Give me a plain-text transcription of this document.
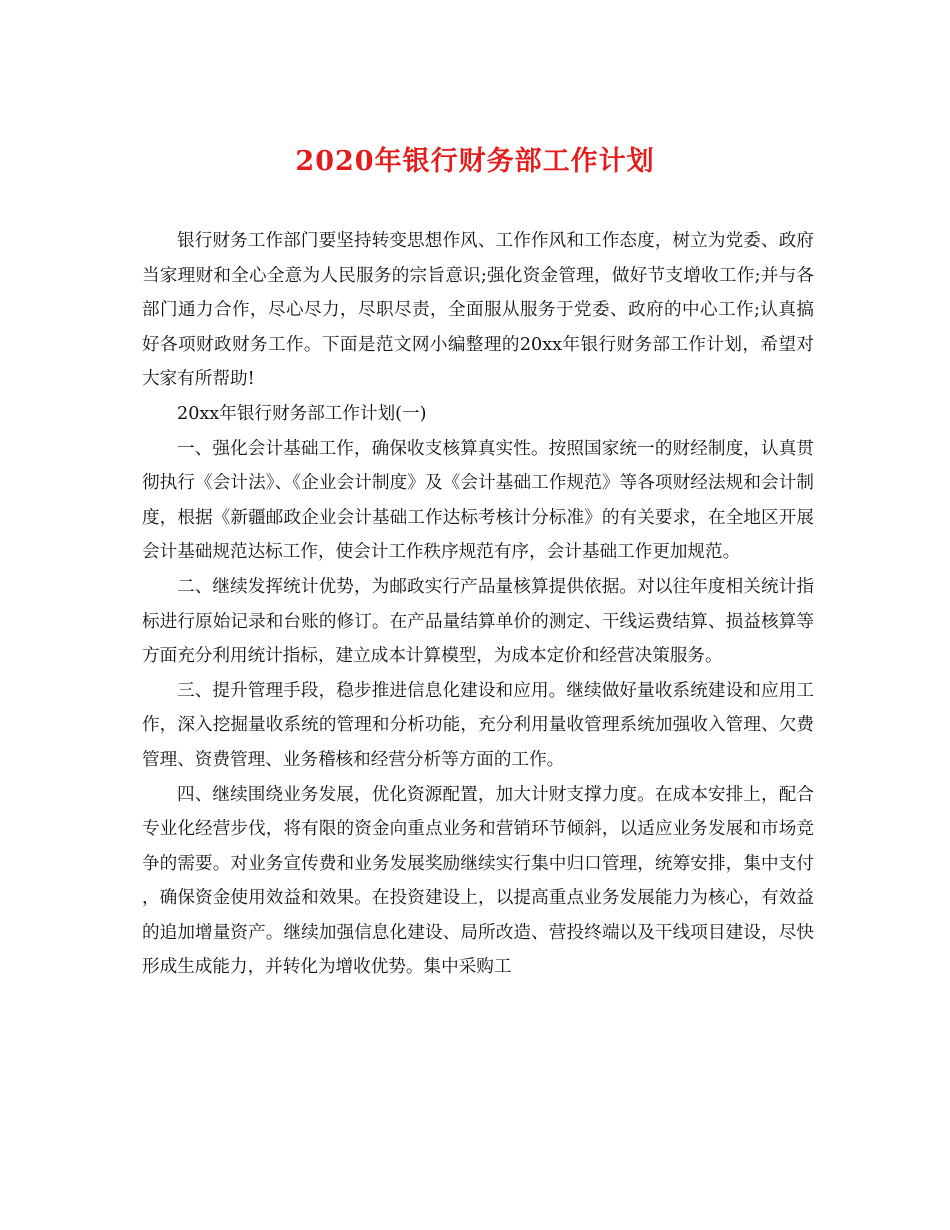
2020年银行财务部工作计划

银行财务工作部门要坚持转变思想作风、工作作风和工作态度，树立为党委、政府当家理财和全心全意为人民服务的宗旨意识;强化资金管理，做好节支增收工作;并与各部门通力合作，尽心尽力，尽职尽责，全面服从服务于党委、政府的中心工作;认真搞好各项财政财务工作。下面是范文网小编整理的20xx年银行财务部工作计划，希望对大家有所帮助!

20xx年银行财务部工作计划(一)

一、强化会计基础工作，确保收支核算真实性。按照国家统一的财经制度，认真贯彻执行《会计法》、《企业会计制度》及《会计基础工作规范》等各项财经法规和会计制度，根据《新疆邮政企业会计基础工作达标考核计分标准》的有关要求，在全地区开展会计基础规范达标工作，使会计工作秩序规范有序，会计基础工作更加规范。

二、继续发挥统计优势，为邮政实行产品量核算提供依据。对以往年度相关统计指标进行原始记录和台账的修订。在产品量结算单价的测定、干线运费结算、损益核算等方面充分利用统计指标，建立成本计算模型，为成本定价和经营决策服务。

三、提升管理手段，稳步推进信息化建设和应用。继续做好量收系统建设和应用工作，深入挖掘量收系统的管理和分析功能，充分利用量收管理系统加强收入管理、欠费管理、资费管理、业务稽核和经营分析等方面的工作。

四、继续围绕业务发展，优化资源配置，加大计财支撑力度。在成本安排上，配合专业化经营步伐，将有限的资金向重点业务和营销环节倾斜，以适应业务发展和市场竞争的需要。对业务宣传费和业务发展奖励继续实行集中归口管理，统筹安排，集中支付，确保资金使用效益和效果。在投资建设上，以提高重点业务发展能力为核心，有效益的追加增量资产。继续加强信息化建设、局所改造、营投终端以及干线项目建设，尽快形成生成能力，并转化为增收优势。集中采购工
